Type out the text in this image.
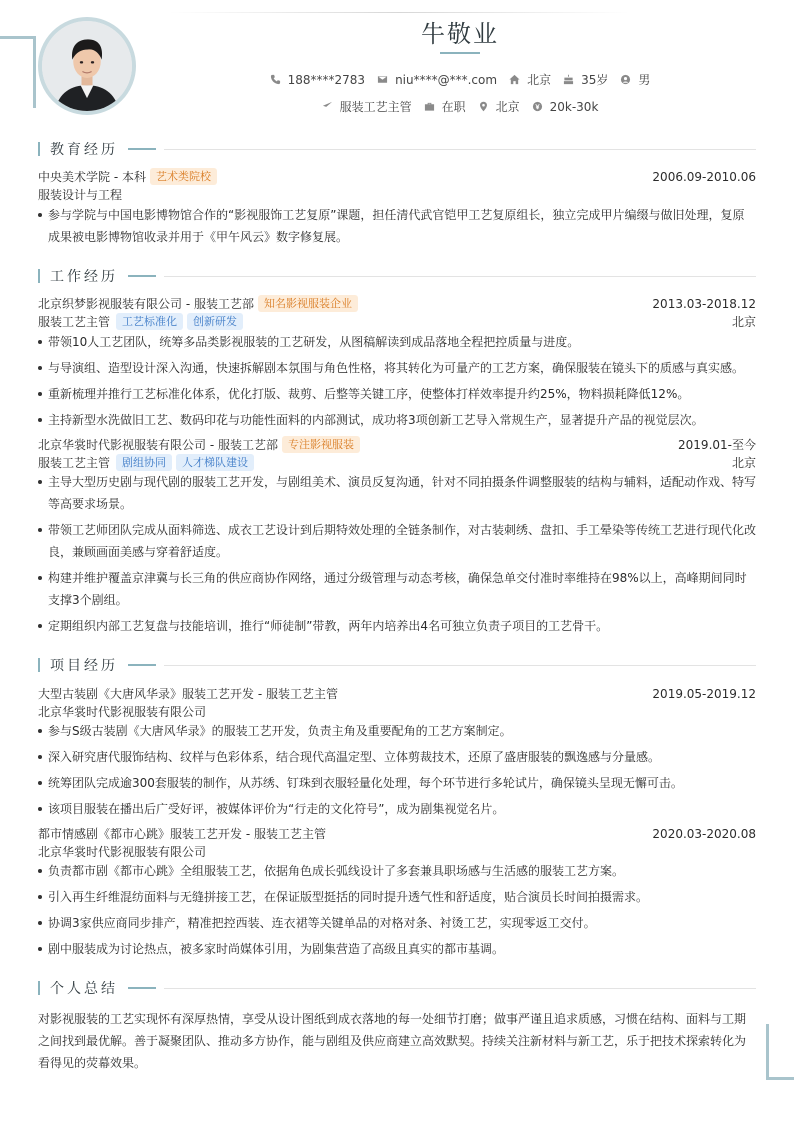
牛敬业
188****2783	niu****@***.com	北京	35岁	男
服装工艺主管	在职	北京	20k-30k
教育经历
中央美术学院 - 本科 艺术类院校	2006.09-2010.06
服装设计与工程
参与学院与中国电影博物馆合作的“影视服饰工艺复原”课题，担任清代武官铠甲工艺复原组长，独立完成甲片编缀与做旧处理，复原成果被电影博物馆收录并用于《甲午风云》数字修复展。
工作经历
北京织梦影视服装有限公司 - 服装工艺部 知名影视服装企业	2013.03-2018.12
服装工艺主管	工艺标准化	创新研发	北京
带领10人工艺团队，统筹多品类影视服装的工艺研发，从图稿解读到成品落地全程把控质量与进度。
与导演组、造型设计深入沟通，快速拆解剧本氛围与角色性格，将其转化为可量产的工艺方案，确保服装在镜头下的质感与真实感。
重新梳理并推行工艺标准化体系，优化打版、裁剪、后整等关键工序，使整体打样效率提升约25%，物料损耗降低12%。
主持新型水洗做旧工艺、数码印花与功能性面料的内部测试，成功将3项创新工艺导入常规生产，显著提升产品的视觉层次。
北京华裳时代影视服装有限公司 - 服装工艺部 专注影视服装	2019.01-至今
服装工艺主管	剧组协同	人才梯队建设	北京
主导大型历史剧与现代剧的服装工艺开发，与剧组美术、演员反复沟通，针对不同拍摄条件调整服装的结构与辅料，适配动作戏、特写等高要求场景。
带领工艺师团队完成从面料筛选、成衣工艺设计到后期特效处理的全链条制作，对古装刺绣、盘扣、手工晕染等传统工艺进行现代化改良，兼顾画面美感与穿着舒适度。
构建并维护覆盖京津冀与长三角的供应商协作网络，通过分级管理与动态考核，确保急单交付准时率维持在98%以上，高峰期间同时支撑3个剧组。
定期组织内部工艺复盘与技能培训，推行“师徒制”带教，两年内培养出4名可独立负责子项目的工艺骨干。
项目经历
大型古装剧《大唐风华录》服装工艺开发 - 服装工艺主管	2019.05-2019.12
北京华裳时代影视服装有限公司
参与S级古装剧《大唐风华录》的服装工艺开发，负责主角及重要配角的工艺方案制定。
深入研究唐代服饰结构、纹样与色彩体系，结合现代高温定型、立体剪裁技术，还原了盛唐服装的飘逸感与分量感。
统筹团队完成逾300套服装的制作，从苏绣、钉珠到衣服轻量化处理，每个环节进行多轮试片，确保镜头呈现无懈可击。
该项目服装在播出后广受好评，被媒体评价为“行走的文化符号”，成为剧集视觉名片。
都市情感剧《都市心跳》服装工艺开发 - 服装工艺主管	2020.03-2020.08
北京华裳时代影视服装有限公司
负责都市剧《都市心跳》全组服装工艺，依据角色成长弧线设计了多套兼具职场感与生活感的服装工艺方案。
引入再生纤维混纺面料与无缝拼接工艺，在保证版型挺括的同时提升透气性和舒适度，贴合演员长时间拍摄需求。
协调3家供应商同步排产，精准把控西装、连衣裙等关键单品的对格对条、衬烫工艺，实现零返工交付。
剧中服装成为讨论热点，被多家时尚媒体引用，为剧集营造了高级且真实的都市基调。
个人总结
对影视服装的工艺实现怀有深厚热情，享受从设计图纸到成衣落地的每一处细节打磨；做事严谨且追求质感，习惯在结构、面料与工期之间找到最优解。善于凝聚团队、推动多方协作，能与剧组及供应商建立高效默契。持续关注新材料与新工艺，乐于把技术探索转化为看得见的荧幕效果。
